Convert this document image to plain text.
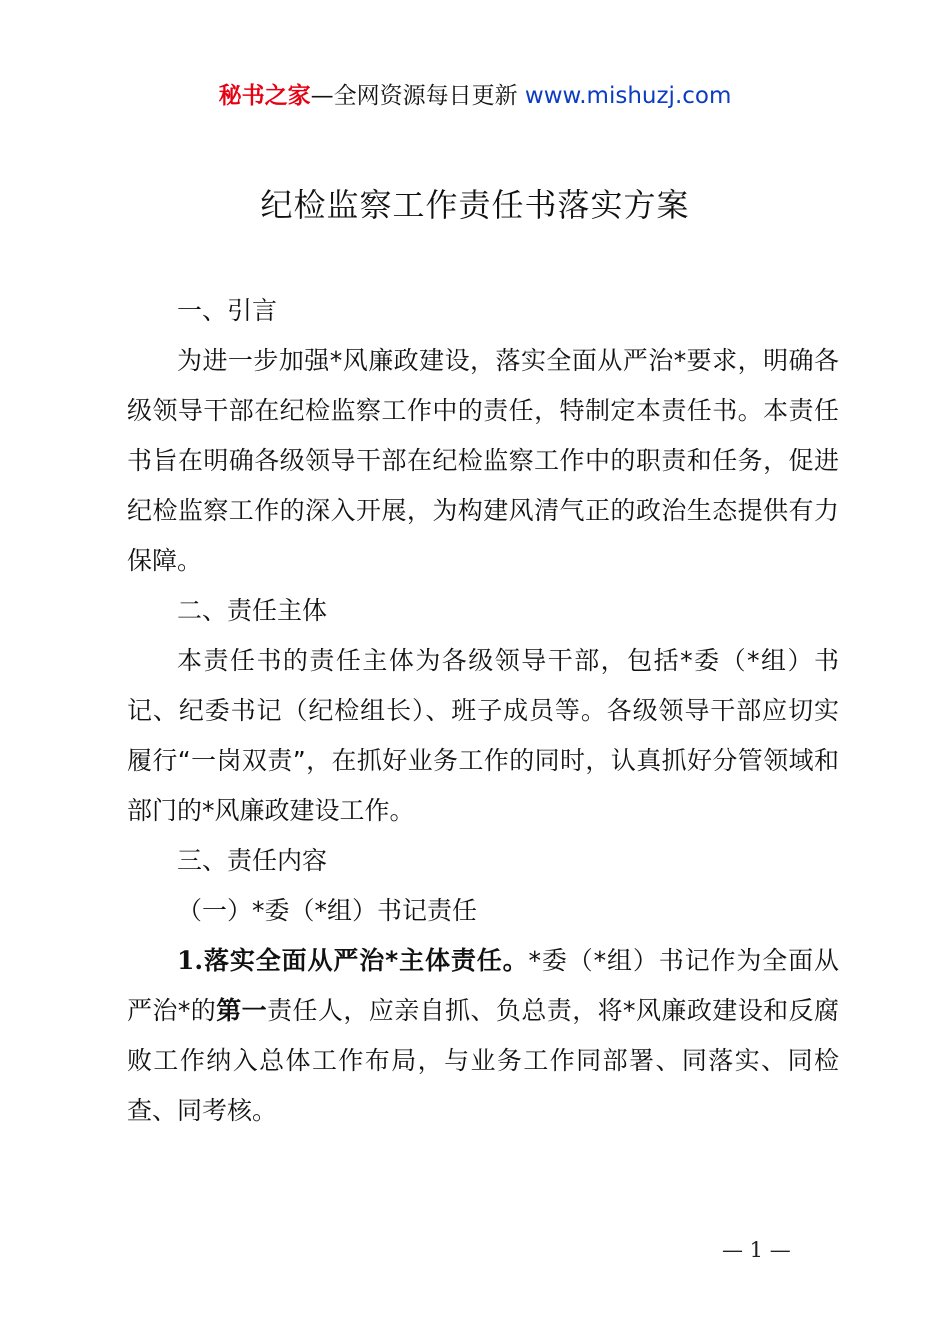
秘书之家—全网资源每日更新 www.mishuzj.com
纪检监察工作责任书落实方案

一、引言

为进一步加强*风廉政建设，落实全面从严治*要求，明确各级领导干部在纪检监察工作中的责任，特制定本责任书。本责任书旨在明确各级领导干部在纪检监察工作中的职责和任务，促进纪检监察工作的深入开展，为构建风清气正的政治生态提供有力保障。

二、责任主体

本责任书的责任主体为各级领导干部，包括*委（*组）书记、纪委书记（纪检组长）、班子成员等。各级领导干部应切实履行“一岗双责”，在抓好业务工作的同时，认真抓好分管领域和部门的*风廉政建设工作。

三、责任内容

（一）*委（*组）书记责任

1.落实全面从严治*主体责任。*委（*组）书记作为全面从严治*的第一责任人，应亲自抓、负总责，将*风廉政建设和反腐败工作纳入总体工作布局，与业务工作同部署、同落实、同检查、同考核。

— 1 —
